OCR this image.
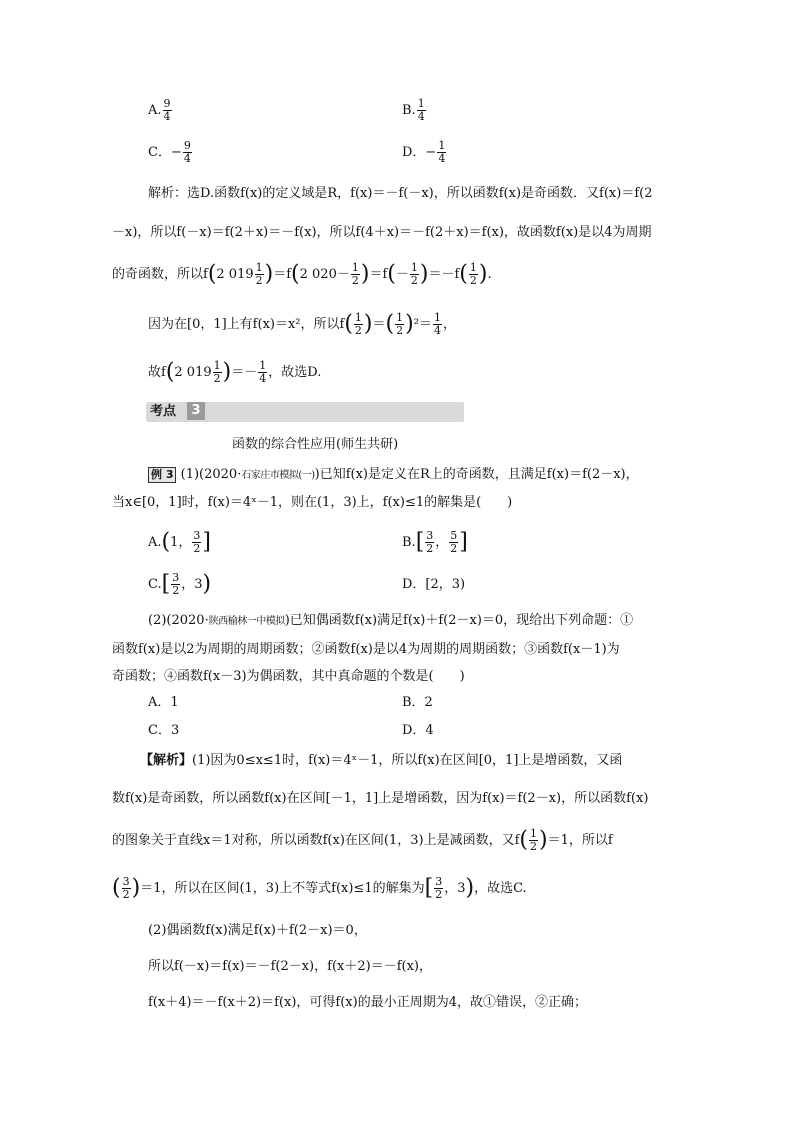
A. $\frac{9}{4}$	B. $\frac{1}{4}$
C．− $\frac{9}{4}$	D．− $\frac{1}{4}$
解析：选D.函数f(x)的定义域是R，f(x)＝－f(－x)，所以函数f(x)是奇函数．又f(x)＝f(2
－x)，所以f(－x)＝f(2＋x)＝－f(x)，所以f(4＋x)＝－f(2＋x)＝f(x)，故函数f(x)是以4为周期
的奇函数，所以f(2 $019 \frac{1}{2} )=f(2$ $020- \frac{1}{2} )=f(- \frac{1}{2} )=-f( \frac{1}{2}$ ).
因为在[0，1]上有f(x)＝x²，所以$f( \frac{1}{2}$ )＝( $\frac{1}{2} )^2= \frac{1}{4}$ ，
故f(2 $019 \frac{1}{2}$ )＝－ $\frac{1}{4}$ ，故选D.
考点	3
函数的综合性应用(师生共研)
例 3 (1)(2020·石家庄市模拟(一))已知f(x)是定义在R上的奇函数，且满足f(x)＝f(2－x)，
当x∈[0，1]时，f(x)＝4ˣ－1，则在(1，3)上，f(x)≤1的解集是(　　)
A.(1， $\frac{3}{2}$ ]	$B.[ \frac{3}{2}$ ， $\frac{5}{2}$ ]
$C.[ \frac{3}{2}$ ，3)	D．[2，3)
(2)(2020·陕西榆林一中模拟)已知偶函数f(x)满足f(x)＋f(2－x)＝0，现给出下列命题：①
函数f(x)是以2为周期的周期函数；②函数f(x)是以4为周期的周期函数；③函数f(x－1)为
奇函数；④函数f(x－3)为偶函数，其中真命题的个数是(　　)
A．1	B．2
C．3	D．4
【解析】(1)因为0≤x≤1时，f(x)＝4ˣ－1，所以f(x)在区间[0，1]上是增函数，又函
数f(x)是奇函数，所以函数f(x)在区间[－1，1]上是增函数，因为f(x)＝f(2－x)，所以函数f(x)
的图象关于直线x＝1对称，所以函数f(x)在区间(1，3)上是减函数，又$f( \frac{1}{2} )=1$，所以f
( $\frac{3}{2} )=1$，所以在区间(1，3)上不等式f(x)≤1的解集为[ $\frac{3}{2}$ ，3)，故选C.
(2)偶函数f(x)满足f(x)＋f(2－x)＝0，
所以f(－x)＝f(x)＝－f(2－x)，f(x＋2)＝－f(x)，
f(x＋4)＝－f(x＋2)＝f(x)，可得f(x)的最小正周期为4，故①错误，②正确；
